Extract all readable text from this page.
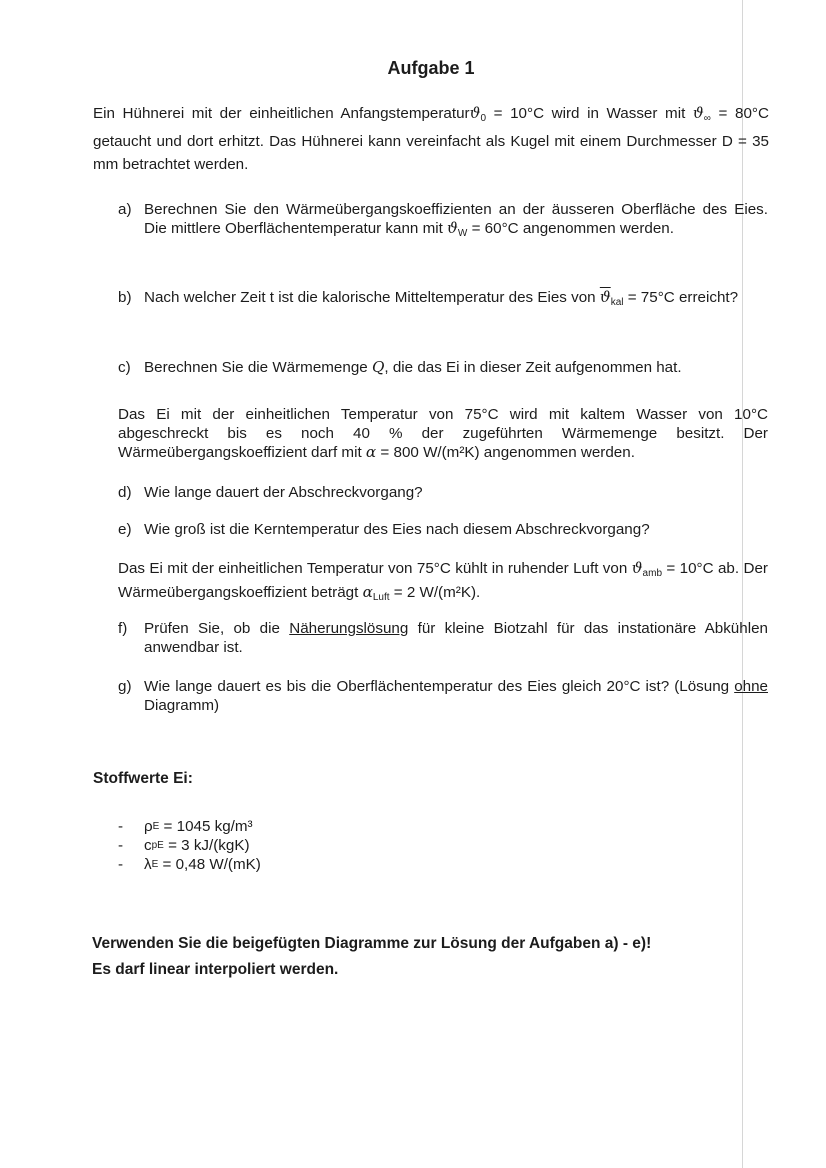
Aufgabe 1
Ein Hühnerei mit der einheitlichen Anfangstemperaturϑ$_0$ = 10°C wird in Wasser mit $ϑ_\infty = 80^\circ C$ getaucht und dort erhitzt. Das Hühnerei kann vereinfacht als Kugel mit einem Durchmesser D = 35 mm betrachtet werden.
a) Berechnen Sie den Wärmeübergangskoeffizienten an der äusseren Oberfläche des Eies. Die mittlere Oberflächentemperatur kann mit $ϑ_W = 60^\circ C$ angenommen werden.
b) Nach welcher Zeit t ist die kalorische Mitteltemperatur des Eies von $\overline{ϑ}_{kal} = 75^\circ C$ erreicht?
c) Berechnen Sie die Wärmemenge Q, die das Ei in dieser Zeit aufgenommen hat.
Das Ei mit der einheitlichen Temperatur von 75°C wird mit kaltem Wasser von 10°C abgeschreckt bis es noch 40 % der zugeführten Wärmemenge besitzt. Der Wärmeübergangskoeffizient darf mit α = 800 W/(m²K) angenommen werden.
d) Wie lange dauert der Abschreckvorgang?
e) Wie groß ist die Kerntemperatur des Eies nach diesem Abschreckvorgang?
Das Ei mit der einheitlichen Temperatur von 75°C kühlt in ruhender Luft von $ϑ_{amb} = 10^\circ C$ ab. Der Wärmeübergangskoeffizient beträgt $\alpha_{Luft} = 2$ W/(m²K).
f) Prüfen Sie, ob die Näherungslösung für kleine Biotzahl für das instationäre Abkühlen anwendbar ist.
g) Wie lange dauert es bis die Oberflächentemperatur des Eies gleich 20°C ist? (Lösung ohne Diagramm)
Stoffwerte Ei:
-	ρ E
= 1045 kg/m³
-	c pE
= 3 kJ/(kgK)
-	λ E
= 0,48 W/(mK)
Verwenden Sie die beigefügten Diagramme zur Lösung der Aufgaben a) - e)!
Es darf linear interpoliert werden.
